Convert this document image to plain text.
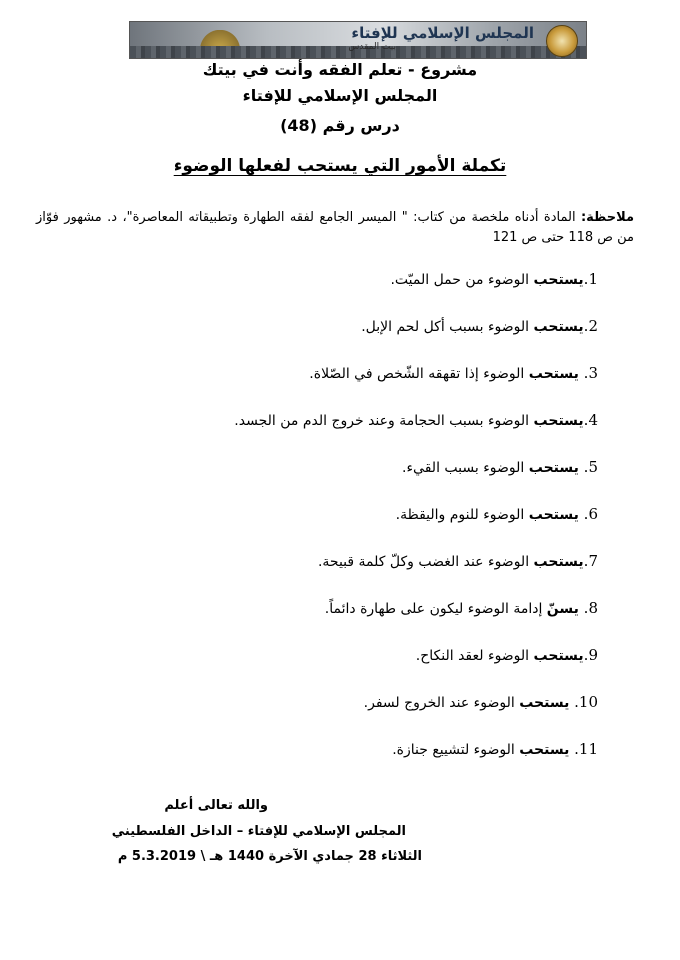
المجلس الإسلامي للإفتاء
بيت المقدس
مشروع - تعلم الفقه وأنت في بيتك
المجلس الإسلامي للإفتاء
درس رقم (48)
تكملة الأمور التي يستحب لفعلها الوضوء
ملاحظة: المادة أدناه ملخصة من كتاب: " الميسر الجامع لفقه الطهارة وتطبيقاته المعاصرة"، د. مشهور فوّاز من ص 118 حتى ص 121
1.يستحب الوضوء من حمل الميّت.
2.يستحب الوضوء بسبب أكل لحم الإبل.
3. يستحب الوضوء إذا تقهقه الشّخص في الصّلاة.
4.يستحب الوضوء بسبب الحجامة وعند خروج الدم من الجسد.
5. يستحب الوضوء بسبب القيء.
6. يستحب الوضوء للنوم واليقظة.
7.يستحب الوضوء عند الغضب وكلّ كلمة قبيحة.
8. يسنّ إدامة الوضوء ليكون على طهارة دائماً.
9.يستحب الوضوء لعقد النكاح.
10. يستحب الوضوء عند الخروج لسفر.
11. يستحب الوضوء لتشييع جنازة.
والله تعالى أعلم
المجلس الإسلامي للإفتاء – الداخل الفلسطيني
الثلاثاء 28 جمادي الآخرة 1440 هـ \ 5.3.2019 م
